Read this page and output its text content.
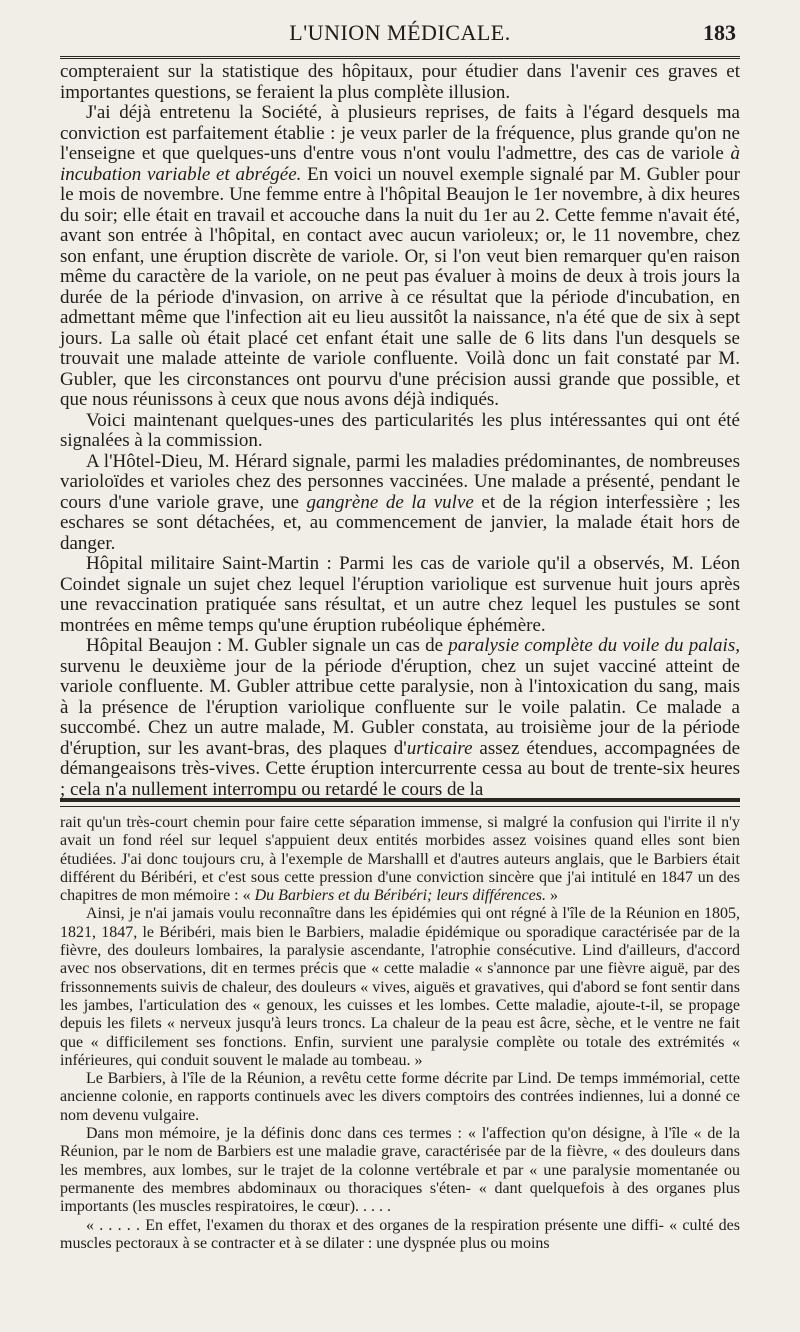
L'UNION MÉDICALE.	183

compteraient sur la statistique des hôpitaux, pour étudier dans l'avenir ces graves et importantes questions, se feraient la plus complète illusion.

J'ai déjà entretenu la Société, à plusieurs reprises, de faits à l'égard desquels ma conviction est parfaitement établie : je veux parler de la fréquence, plus grande qu'on ne l'enseigne et que quelques-uns d'entre vous n'ont voulu l'admettre, des cas de variole à incubation variable et abrégée. En voici un nouvel exemple signalé par M. Gubler pour le mois de novembre. Une femme entre à l'hôpital Beaujon le 1er novembre, à dix heures du soir; elle était en travail et accouche dans la nuit du 1er au 2. Cette femme n'avait été, avant son entrée à l'hôpital, en contact avec aucun varioleux; or, le 11 novembre, chez son enfant, une éruption discrète de variole. Or, si l'on veut bien remarquer qu'en raison même du caractère de la variole, on ne peut pas évaluer à moins de deux à trois jours la durée de la période d'invasion, on arrive à ce résultat que la période d'incubation, en admettant même que l'infection ait eu lieu aussitôt la naissance, n'a été que de six à sept jours. La salle où était placé cet enfant était une salle de 6 lits dans l'un desquels se trouvait une malade atteinte de variole confluente. Voilà donc un fait constaté par M. Gubler, que les circonstances ont pourvu d'une précision aussi grande que possible, et que nous réunissons à ceux que nous avons déjà indiqués.

Voici maintenant quelques-unes des particularités les plus intéressantes qui ont été signalées à la commission.

A l'Hôtel-Dieu, M. Hérard signale, parmi les maladies prédominantes, de nombreuses varioloïdes et varioles chez des personnes vaccinées. Une malade a présenté, pendant le cours d'une variole grave, une gangrène de la vulve et de la région interfessière ; les eschares se sont détachées, et, au commencement de janvier, la malade était hors de danger.

Hôpital militaire Saint-Martin : Parmi les cas de variole qu'il a observés, M. Léon Coindet signale un sujet chez lequel l'éruption variolique est survenue huit jours après une revaccination pratiquée sans résultat, et un autre chez lequel les pustules se sont montrées en même temps qu'une éruption rubéolique éphémère.

Hôpital Beaujon : M. Gubler signale un cas de paralysie complète du voile du palais, survenu le deuxième jour de la période d'éruption, chez un sujet vacciné atteint de variole confluente. M. Gubler attribue cette paralysie, non à l'intoxication du sang, mais à la présence de l'éruption variolique confluente sur le voile palatin. Ce malade a succombé. Chez un autre malade, M. Gubler constata, au troisième jour de la période d'éruption, sur les avant-bras, des plaques d'urticaire assez étendues, accompagnées de démangeaisons très-vives. Cette éruption intercurrente cessa au bout de trente-six heures ; cela n'a nullement interrompu ou retardé le cours de la

rait qu'un très-court chemin pour faire cette séparation immense, si malgré la confusion qui l'irrite il n'y avait un fond réel sur lequel s'appuient deux entités morbides assez voisines quand elles sont bien étudiées. J'ai donc toujours cru, à l'exemple de Marshalll et d'autres auteurs anglais, que le Barbiers était différent du Béribéri, et c'est sous cette pression d'une conviction sincère que j'ai intitulé en 1847 un des chapitres de mon mémoire : « Du Barbiers et du Béribéri; leurs différences. »

Ainsi, je n'ai jamais voulu reconnaître dans les épidémies qui ont régné à l'île de la Réunion en 1805, 1821, 1847, le Béribéri, mais bien le Barbiers, maladie épidémique ou sporadique caractérisée par de la fièvre, des douleurs lombaires, la paralysie ascendante, l'atrophie consécutive. Lind d'ailleurs, d'accord avec nos observations, dit en termes précis que « cette maladie « s'annonce par une fièvre aiguë, par des frissonnements suivis de chaleur, des douleurs « vives, aiguës et gravatives, qui d'abord se font sentir dans les jambes, l'articulation des « genoux, les cuisses et les lombes. Cette maladie, ajoute-t-il, se propage depuis les filets « nerveux jusqu'à leurs troncs. La chaleur de la peau est âcre, sèche, et le ventre ne fait que « difficilement ses fonctions. Enfin, survient une paralysie complète ou totale des extrémités « inférieures, qui conduit souvent le malade au tombeau. »

Le Barbiers, à l'île de la Réunion, a revêtu cette forme décrite par Lind. De temps immémorial, cette ancienne colonie, en rapports continuels avec les divers comptoirs des contrées indiennes, lui a donné ce nom devenu vulgaire.

Dans mon mémoire, je la définis donc dans ces termes : « l'affection qu'on désigne, à l'île « de la Réunion, par le nom de Barbiers est une maladie grave, caractérisée par de la fièvre, « des douleurs dans les membres, aux lombes, sur le trajet de la colonne vertébrale et par « une paralysie momentanée ou permanente des membres abdominaux ou thoraciques s'éten- « dant quelquefois à des organes plus importants (les muscles respiratoires, le cœur). . . . .

« . . . . . En effet, l'examen du thorax et des organes de la respiration présente une diffi- « culté des muscles pectoraux à se contracter et à se dilater : une dyspnée plus ou moins
